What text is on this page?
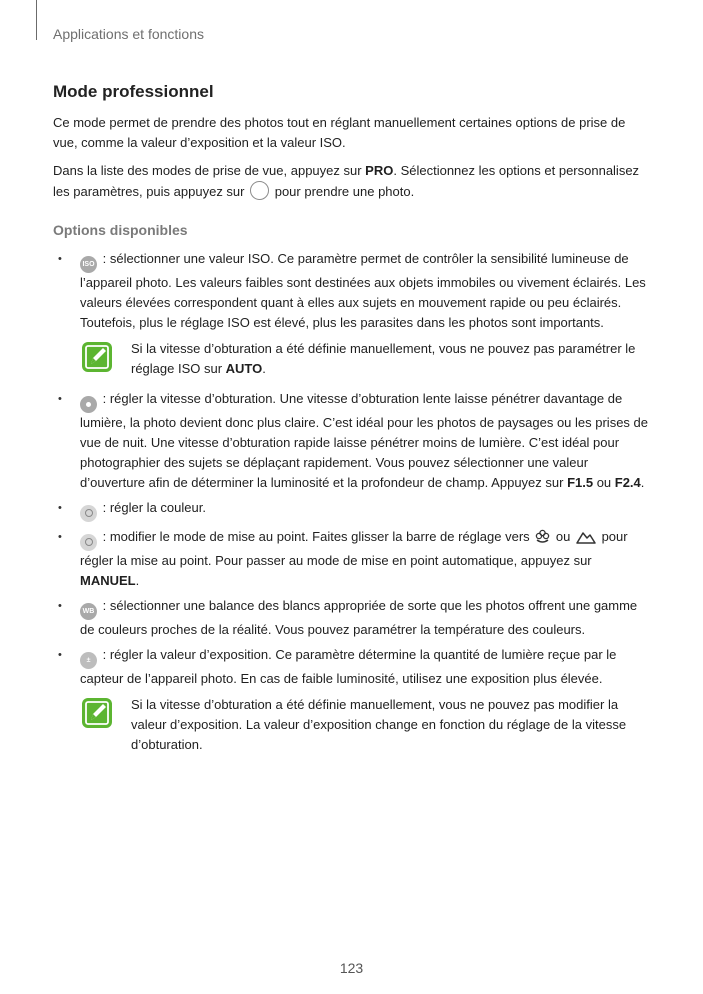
Applications et fonctions
Mode professionnel

Ce mode permet de prendre des photos tout en réglant manuellement certaines options de prise de vue, comme la valeur d’exposition et la valeur ISO.

Dans la liste des modes de prise de vue, appuyez sur PRO. Sélectionnez les options et personnalisez les paramètres, puis appuyez sur  pour prendre une photo.

Options disponibles
• ISO : sélectionner une valeur ISO. Ce paramètre permet de contrôler la sensibilité lumineuse de l’appareil photo. Les valeurs faibles sont destinées aux objets immobiles ou vivement éclairés. Les valeurs élevées correspondent quant à elles aux sujets en mouvement rapide ou peu éclairés. Toutefois, plus le réglage ISO est élevé, plus les parasites dans les photos sont importants.
Si la vitesse d’obturation a été définie manuellement, vous ne pouvez pas paramétrer le réglage ISO sur AUTO.
• : régler la vitesse d’obturation. Une vitesse d’obturation lente laisse pénétrer davantage de lumière, la photo devient donc plus claire. C’est idéal pour les photos de paysages ou les prises de vue de nuit. Une vitesse d’obturation rapide laisse pénétrer moins de lumière. C’est idéal pour photographier des sujets se déplaçant rapidement. Vous pouvez sélectionner une valeur d’ouverture afin de déterminer la luminosité et la profondeur de champ. Appuyez sur F1.5 ou F2.4.
• : régler la couleur.
• : modifier le mode de mise au point. Faites glisser la barre de réglage vers  ou  pour régler la mise au point. Pour passer au mode de mise en point automatique, appuyez sur MANUEL.
• WB : sélectionner une balance des blancs appropriée de sorte que les photos offrent une gamme de couleurs proches de la réalité. Vous pouvez paramétrer la température des couleurs.
• ± : régler la valeur d’exposition. Ce paramètre détermine la quantité de lumière reçue par le capteur de l’appareil photo. En cas de faible luminosité, utilisez une exposition plus élevée.
Si la vitesse d’obturation a été définie manuellement, vous ne pouvez pas modifier la valeur d’exposition. La valeur d’exposition change en fonction du réglage de la vitesse d’obturation.
123
